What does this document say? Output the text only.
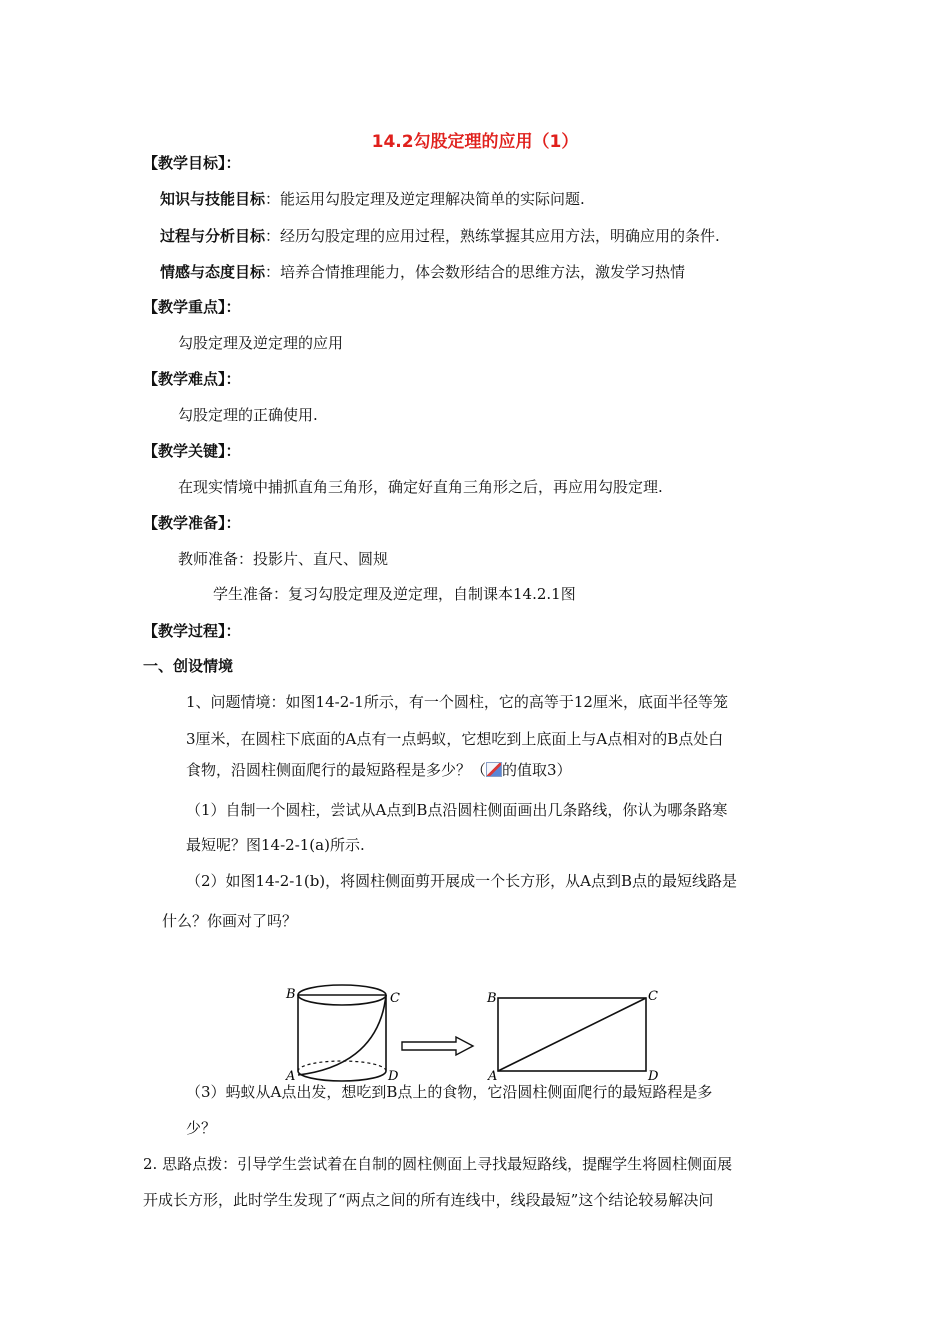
14.2勾股定理的应用（1）
【教学目标】：
知识与技能目标：能运用勾股定理及逆定理解决简单的实际问题.
过程与分析目标：经历勾股定理的应用过程，熟练掌握其应用方法，明确应用的条件.
情感与态度目标：培养合情推理能力，体会数形结合的思维方法，激发学习热情
【教学重点】：
勾股定理及逆定理的应用
【教学难点】：
勾股定理的正确使用.
【教学关键】：
在现实情境中捕抓直角三角形，确定好直角三角形之后，再应用勾股定理.
【教学准备】：
教师准备：投影片、直尺、圆规
学生准备：复习勾股定理及逆定理，自制课本14.2.1图
【教学过程】：
一、创设情境
1、问题情境：如图14-2-1所示，有一个圆柱，它的高等于12厘米，底面半径等笼
3厘米，在圆柱下底面的A点有一点蚂蚁，它想吃到上底面上与A点相对的B点处白
食物，沿圆柱侧面爬行的最短路程是多少？（ 的值取3）
（1）自制一个圆柱，尝试从A点到B点沿圆柱侧面画出几条路线，你认为哪条路寒
最短呢？图14-2-1(a)所示.
（2）如图14-2-1(b)，将圆柱侧面剪开展成一个长方形，从A点到B点的最短线路是
什么？你画对了吗？
B	C
A	D
B	C
A	D
（3）蚂蚁从A点出发，想吃到B点上的食物，它沿圆柱侧面爬行的最短路程是多
少？
2. 思路点拨：引导学生尝试着在自制的圆柱侧面上寻找最短路线，提醒学生将圆柱侧面展
开成长方形，此时学生发现了“两点之间的所有连线中，线段最短”这个结论较易解决问
